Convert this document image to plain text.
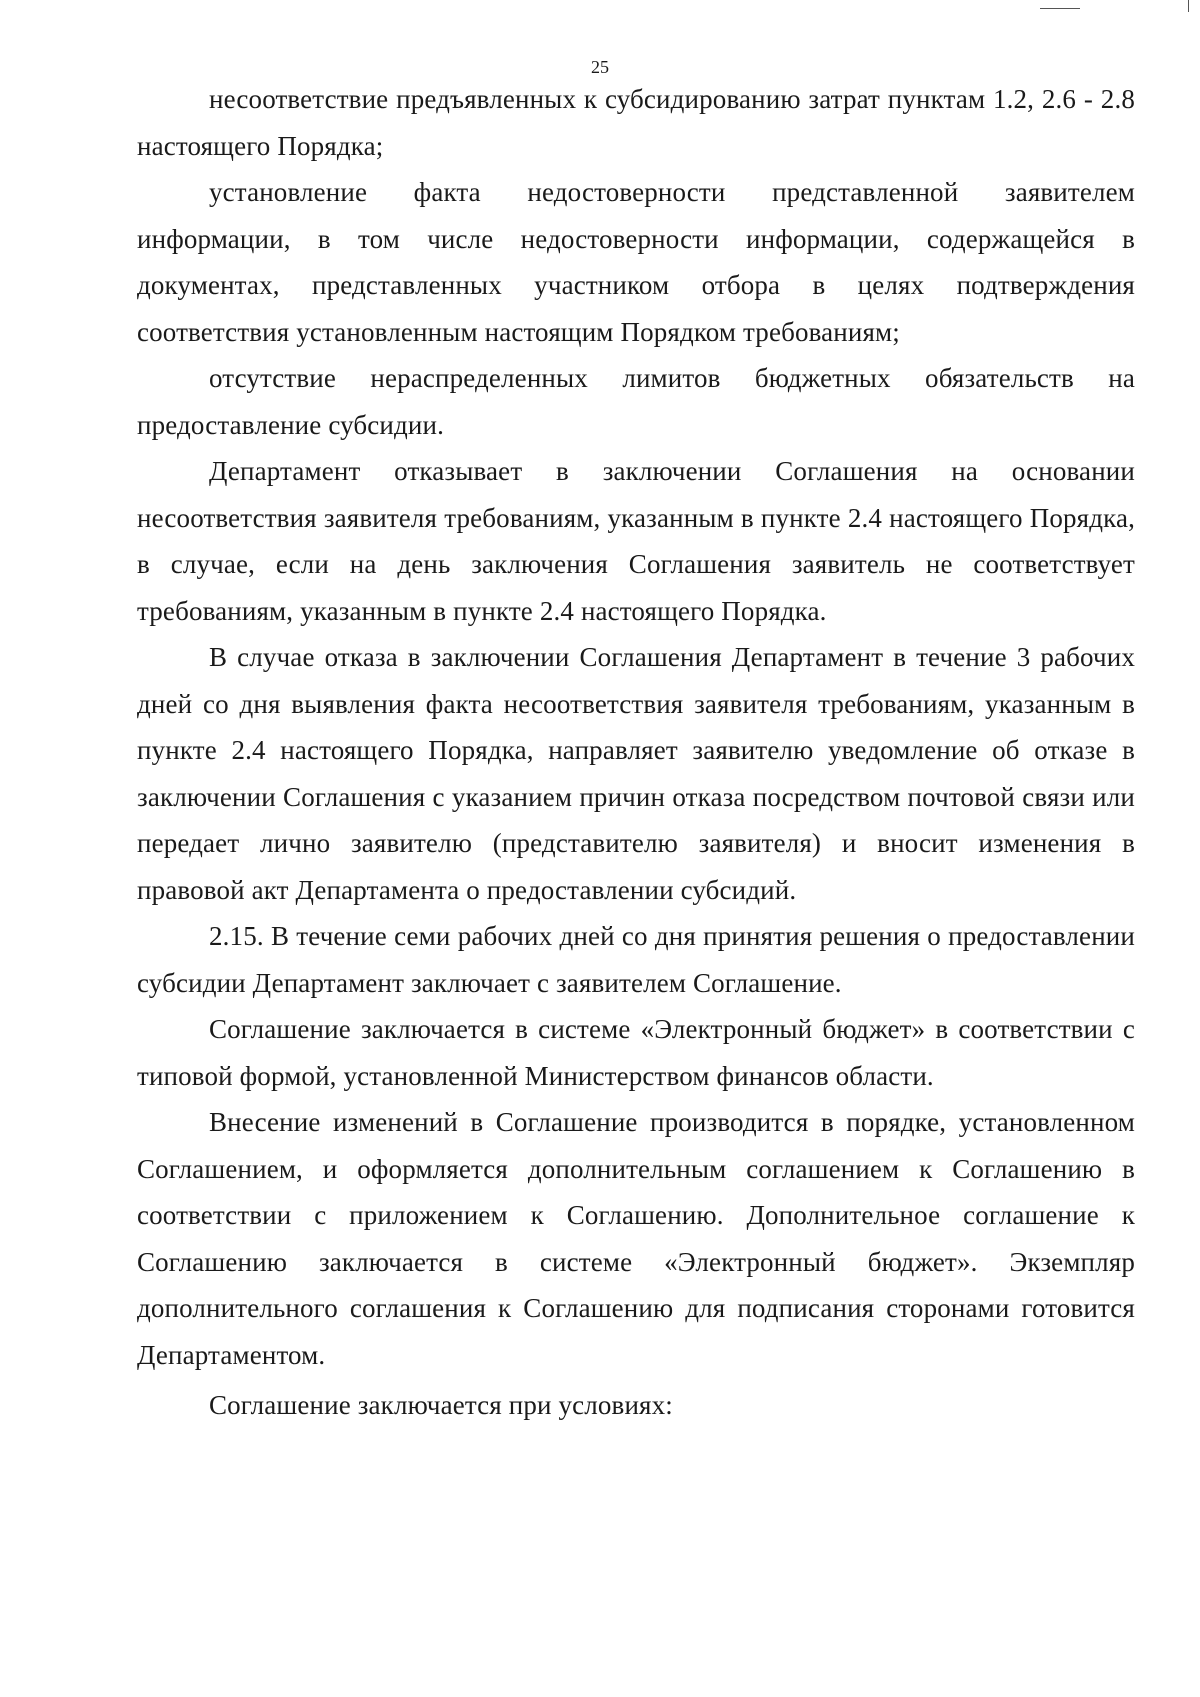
25

несоответствие предъявленных к субсидированию затрат пунктам 1.2, 2.6 - 2.8 настоящего Порядка;

установление факта недостоверности представленной заявителем информации, в том числе недостоверности информации, содержащейся в документах, представленных участником отбора в целях подтверждения соответствия установленным настоящим Порядком требованиям;

отсутствие нераспределенных лимитов бюджетных обязательств на предоставление субсидии.

Департамент отказывает в заключении Соглашения на основании несоответствия заявителя требованиям, указанным в пункте 2.4 настоящего Порядка, в случае, если на день заключения Соглашения заявитель не соответствует требованиям, указанным в пункте 2.4 настоящего Порядка.

В случае отказа в заключении Соглашения Департамент в течение 3 рабочих дней со дня выявления факта несоответствия заявителя требованиям, указанным в пункте 2.4 настоящего Порядка, направляет заявителю уведомление об отказе в заключении Соглашения с указанием причин отказа посредством почтовой связи или передает лично заявителю (представителю заявителя) и вносит изменения в правовой акт Департамента о предоставлении субсидий.

2.15. В течение семи рабочих дней со дня принятия решения о предоставлении субсидии Департамент заключает с заявителем Соглашение.

Соглашение заключается в системе «Электронный бюджет» в соответствии с типовой формой, установленной Министерством финансов области.

Внесение изменений в Соглашение производится в порядке, установленном Соглашением, и оформляется дополнительным соглашением к Соглашению в соответствии с приложением к Соглашению. Дополнительное соглашение к Соглашению заключается в системе «Электронный бюджет». Экземпляр дополнительного соглашения к Соглашению для подписания сторонами готовится Департаментом.

Соглашение заключается при условиях:
